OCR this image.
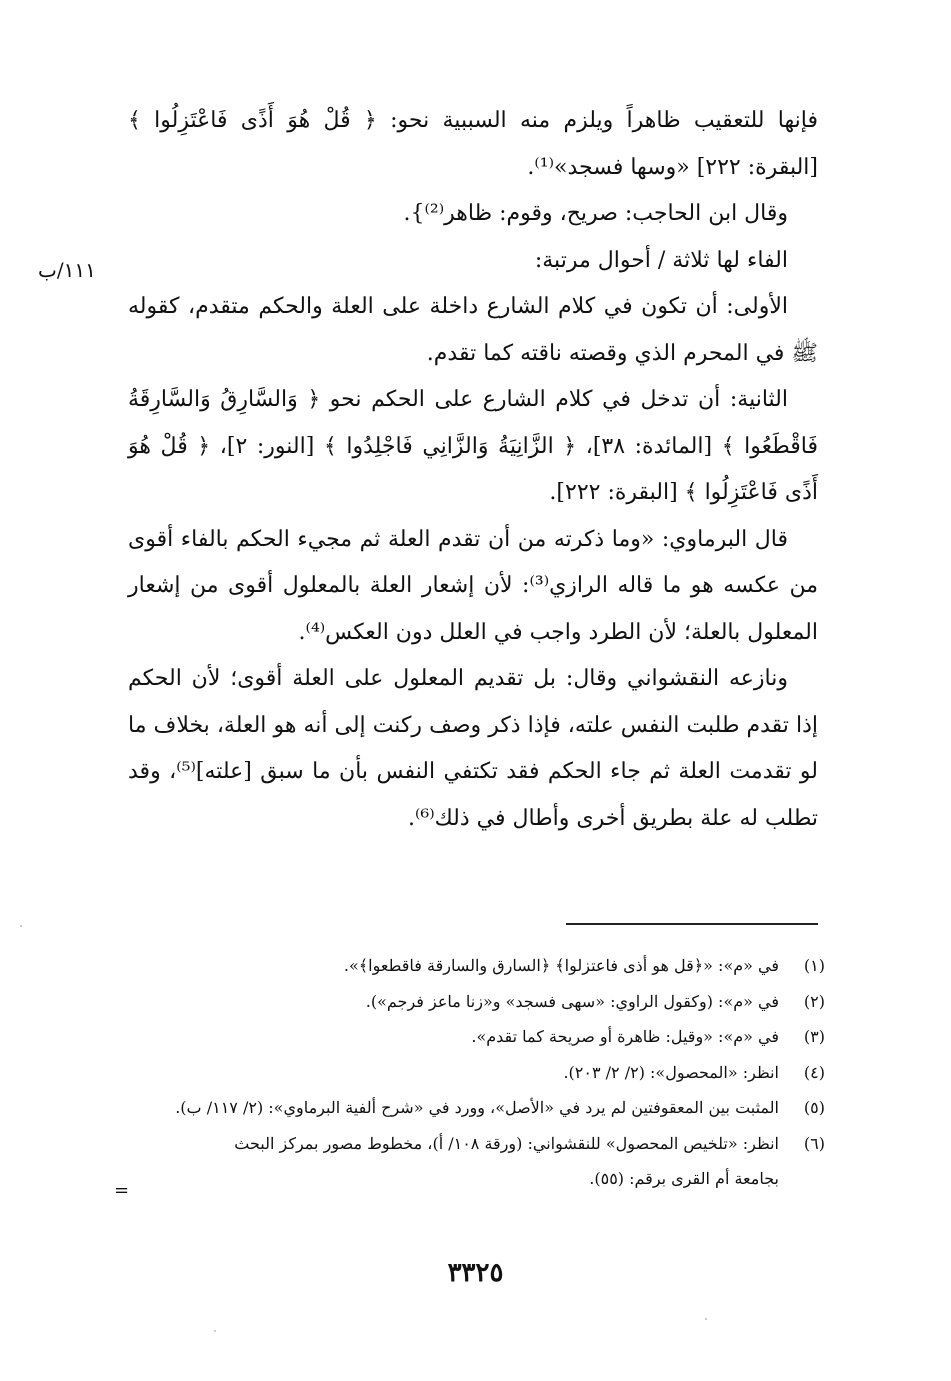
١١١/ب

فإنها للتعقيب ظاهراً ويلزم منه السببية نحو: ﴿ قُلْ هُوَ أَذًى فَاعْتَزِلُوا ﴾ [البقرة: ٢٢٢] «وسها فسجد»⁽¹⁾.

وقال ابن الحاجب: صريح، وقوم: ظاهر⁽²⁾}.

الفاء لها ثلاثة / أحوال مرتبة:

الأولى: أن تكون في كلام الشارع داخلة على العلة والحكم متقدم، كقوله ﷺ في المحرم الذي وقصته ناقته كما تقدم.

الثانية: أن تدخل في كلام الشارع على الحكم نحو ﴿ وَالسَّارِقُ وَالسَّارِقَةُ فَاقْطَعُوا ﴾ [المائدة: ٣٨]، ﴿ الزَّانِيَةُ وَالزَّانِي فَاجْلِدُوا ﴾ [النور: ٢]، ﴿ قُلْ هُوَ أَذًى فَاعْتَزِلُوا ﴾ [البقرة: ٢٢٢].

قال البرماوي: «وما ذكرته من أن تقدم العلة ثم مجيء الحكم بالفاء أقوى من عكسه هو ما قاله الرازي⁽³⁾: لأن إشعار العلة بالمعلول أقوى من إشعار المعلول بالعلة؛ لأن الطرد واجب في العلل دون العكس⁽⁴⁾.

ونازعه النقشواني وقال: بل تقديم المعلول على العلة أقوى؛ لأن الحكم إذا تقدم طلبت النفس علته، فإذا ذكر وصف ركنت إلى أنه هو العلة، بخلاف ما لو تقدمت العلة ثم جاء الحكم فقد تكتفي النفس بأن ما سبق [علته]⁽⁵⁾، وقد تطلب له علة بطريق أخرى وأطال في ذلك⁽⁶⁾.

(١)
في «م»: «﴿قل هو أذى فاعتزلوا﴾ ﴿السارق والسارقة فاقطعوا﴾».
(٢)
في «م»: (وكقول الراوي: «سهى فسجد» و«زنا ماعز فرجم»).
(٣)
في «م»: «وقيل: ظاهرة أو صريحة كما تقدم».
(٤)
انظر: «المحصول»: (٢/ ٢/ ٢٠٣).
(٥)
المثبت بين المعقوفتين لم يرد في «الأصل»، وورد في «شرح ألفية البرماوي»: (٢/ ١١٧/ ب).
(٦)
انظر: «تلخيص المحصول» للنقشواني: (ورقة ١٠٨/ أ)، مخطوط مصور بمركز البحث
بجامعة أم القرى برقم: (٥٥).
=
٣٣٢٥
